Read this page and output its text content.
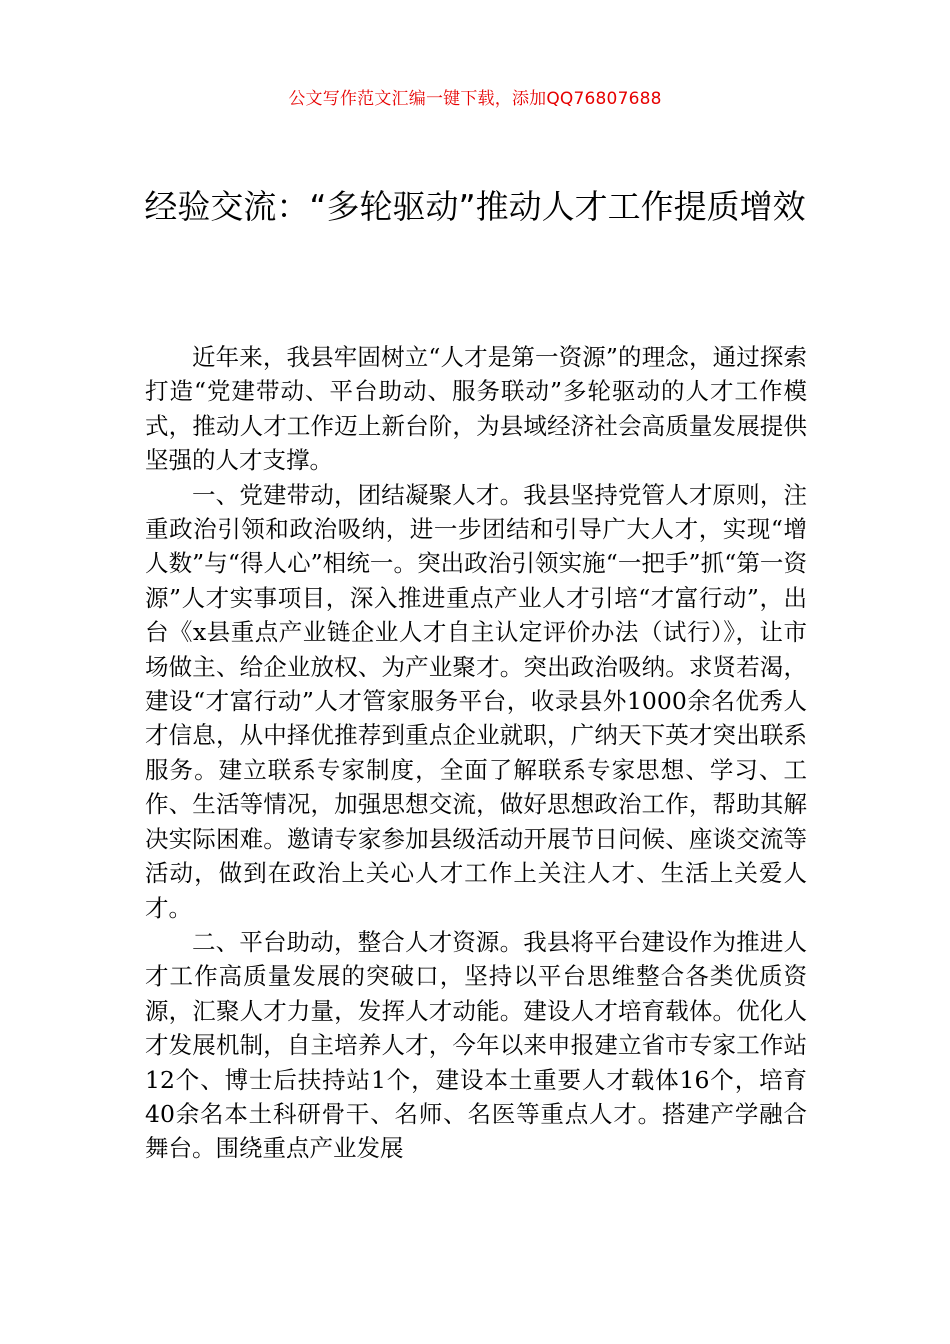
公文写作范文汇编一键下载，添加QQ76807688
经验交流：“多轮驱动”推动人才工作提质增效

近年来，我县牢固树立“人才是第一资源”的理念，通过探索打造“党建带动、平台助动、服务联动”多轮驱动的人才工作模式，推动人才工作迈上新台阶，为县域经济社会高质量发展提供坚强的人才支撑。

一、党建带动，团结凝聚人才。我县坚持党管人才原则，注重政治引领和政治吸纳，进一步团结和引导广大人才，实现“增人数”与“得人心”相统一。突出政治引领实施“一把手”抓“第一资源”人才实事项目，深入推进重点产业人才引培“才富行动”，出台《x县重点产业链企业人才自主认定评价办法（试行）》，让市场做主、给企业放权、为产业聚才。突出政治吸纳。求贤若渴，建设“才富行动”人才管家服务平台，收录县外1000余名优秀人才信息，从中择优推荐到重点企业就职，广纳天下英才突出联系服务。建立联系专家制度，全面了解联系专家思想、学习、工作、生活等情况，加强思想交流，做好思想政治工作，帮助其解决实际困难。邀请专家参加县级活动开展节日问候、座谈交流等活动，做到在政治上关心人才工作上关注人才、生活上关爱人才。

二、平台助动，整合人才资源。我县将平台建设作为推进人才工作高质量发展的突破口，坚持以平台思维整合各类优质资源，汇聚人才力量，发挥人才动能。建设人才培育载体。优化人才发展机制，自主培养人才，今年以来申报建立省市专家工作站12个、博士后扶持站1个，建设本土重要人才载体16个，培育40余名本土科研骨干、名师、名医等重点人才。搭建产学融合舞台。围绕重点产业发展
